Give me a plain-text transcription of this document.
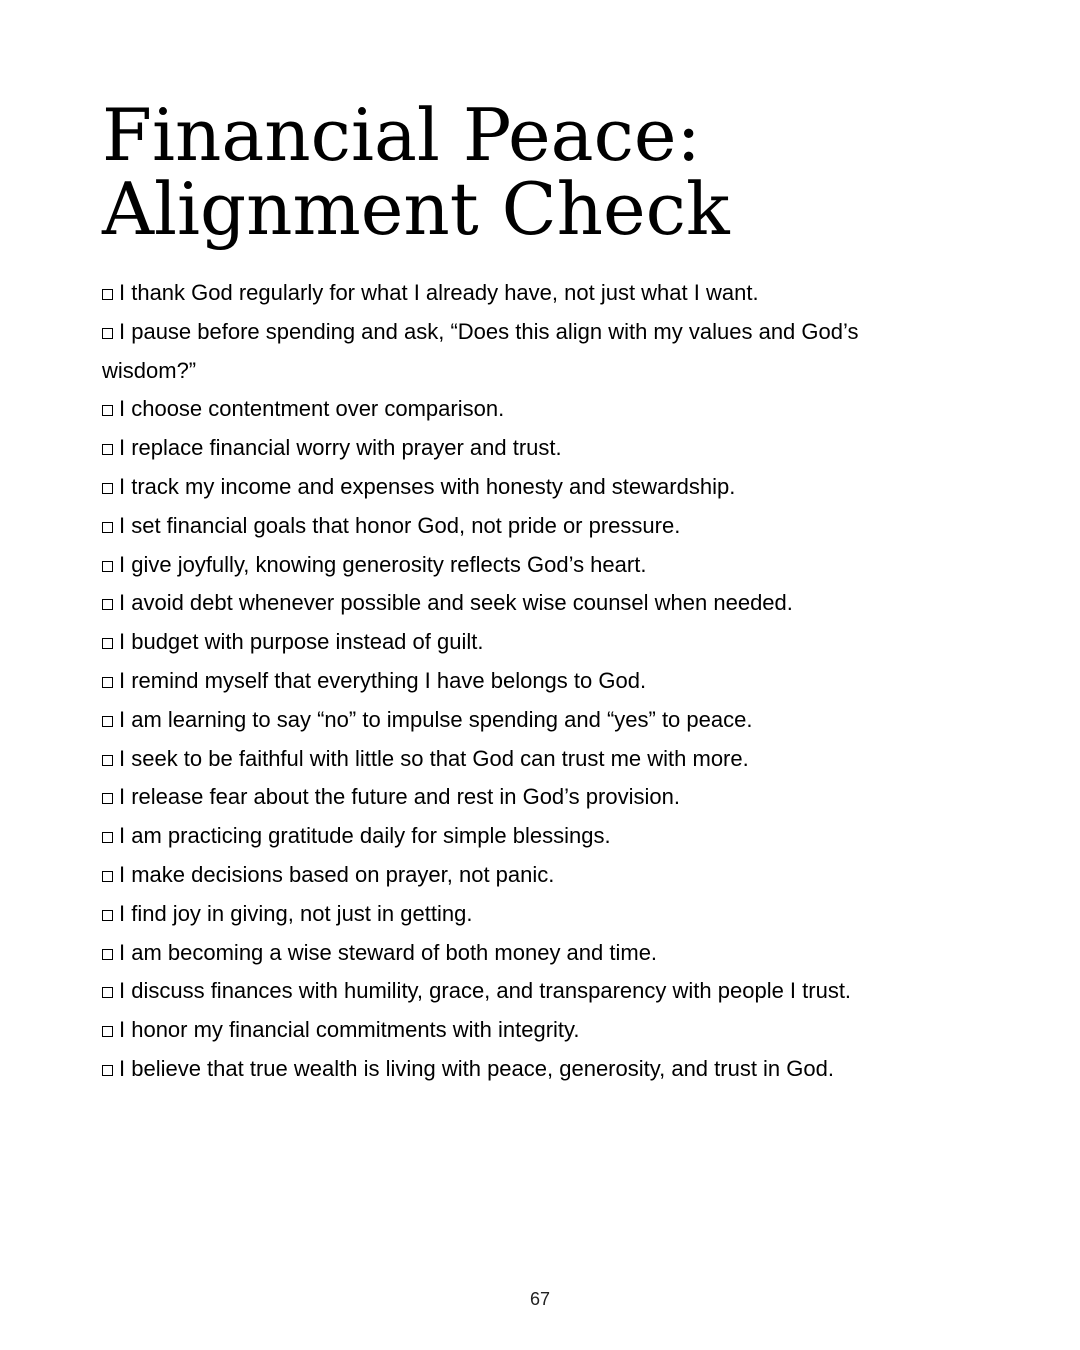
Financial Peace:
Alignment Check
I thank God regularly for what I already have, not just what I want.
I pause before spending and ask, “Does this align with my values and God’s wisdom?”
I choose contentment over comparison.
I replace financial worry with prayer and trust.
I track my income and expenses with honesty and stewardship.
I set financial goals that honor God, not pride or pressure.
I give joyfully, knowing generosity reflects God’s heart.
I avoid debt whenever possible and seek wise counsel when needed.
I budget with purpose instead of guilt.
I remind myself that everything I have belongs to God.
I am learning to say “no” to impulse spending and “yes” to peace.
I seek to be faithful with little so that God can trust me with more.
I release fear about the future and rest in God’s provision.
I am practicing gratitude daily for simple blessings.
I make decisions based on prayer, not panic.
I find joy in giving, not just in getting.
I am becoming a wise steward of both money and time.
I discuss finances with humility, grace, and transparency with people I trust.
I honor my financial commitments with integrity.
I believe that true wealth is living with peace, generosity, and trust in God.
67
